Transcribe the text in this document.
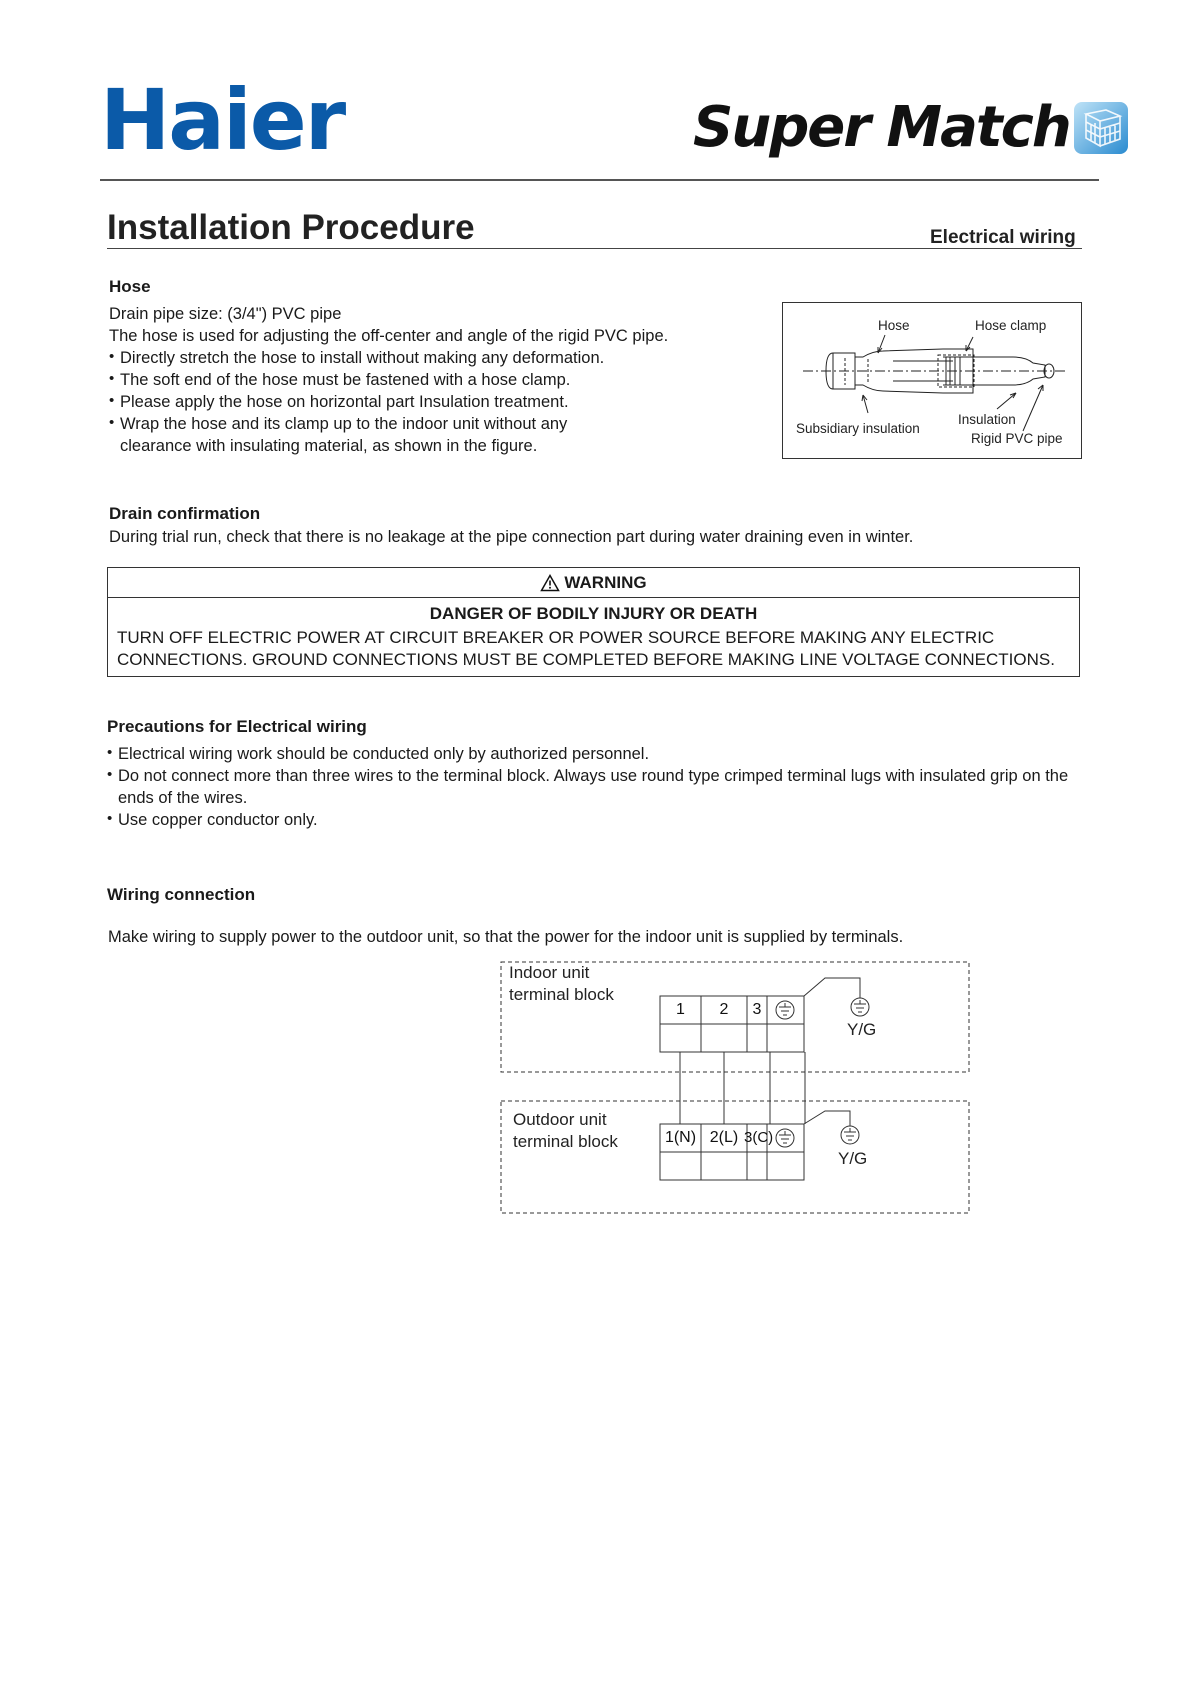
Haier	Super Match
Installation Procedure	Electrical wiring
Hose
Drain pipe size: (3/4") PVC pipe
The hose is used for adjusting the off-center and angle of the rigid PVC pipe.
• Directly stretch the hose to install without making any deformation.
• The soft end of the hose must be fastened with a hose clamp.
• Please apply the hose on horizontal part Insulation treatment.
• Wrap the hose and its clamp up to the indoor unit without any clearance with insulating material, as shown in the figure.
Hose	Hose clamp
Subsidiary insulation
Insulation
Rigid PVC pipe
Drain confirmation
During trial run, check that there is no leakage at the pipe connection part during water draining even in winter.
WARNING
DANGER OF BODILY INJURY OR DEATH
TURN OFF ELECTRIC POWER AT CIRCUIT BREAKER OR POWER SOURCE BEFORE MAKING ANY ELECTRIC CONNECTIONS. GROUND CONNECTIONS MUST BE COMPLETED BEFORE MAKING LINE VOLTAGE CONNECTIONS.
Precautions for Electrical wiring
• Electrical wiring work should be conducted only by authorized personnel.
• Do not connect more than three wires to the terminal block. Always use round type crimped terminal lugs with insulated grip on the ends of the wires.
• Use copper conductor only.
Wiring connection
Make wiring to supply power to the outdoor unit, so that the power for the indoor unit is supplied by terminals.
Indoor unit
terminal block
1	2	3
Y/G
Outdoor unit
terminal block	1(N) 2(L) 3(C)
Y/G
